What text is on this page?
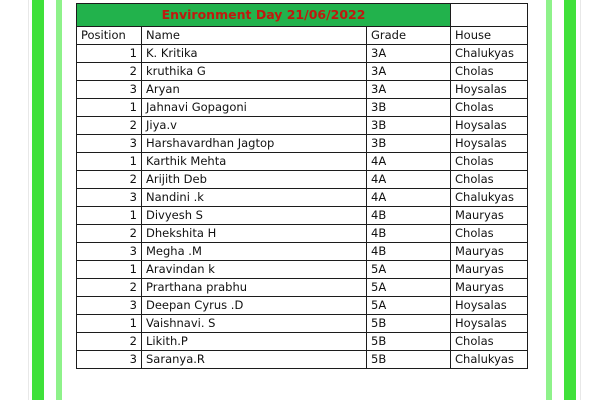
Environment Day 21/06/2022			
Position	Name	Grade	House
1	K. Kritika	3A	Chalukyas
2	kruthika G	3A	Cholas
3	Aryan	3A	Hoysalas
1	Jahnavi Gopagoni	3B	Cholas
2	Jiya.v	3B	Hoysalas
3	Harshavardhan Jagtop	3B	Hoysalas
1	Karthik Mehta	4A	Cholas
2	Arijith Deb	4A	Cholas
3	Nandini .k	4A	Chalukyas
1	Divyesh S	4B	Mauryas
2	Dhekshita H	4B	Cholas
3	Megha .M	4B	Mauryas
1	Aravindan k	5A	Mauryas
2	Prarthana prabhu	5A	Mauryas
3	Deepan Cyrus .D	5A	Hoysalas
1	Vaishnavi. S	5B	Hoysalas
2	Likith.P	5B	Cholas
3	Saranya.R	5B	Chalukyas
